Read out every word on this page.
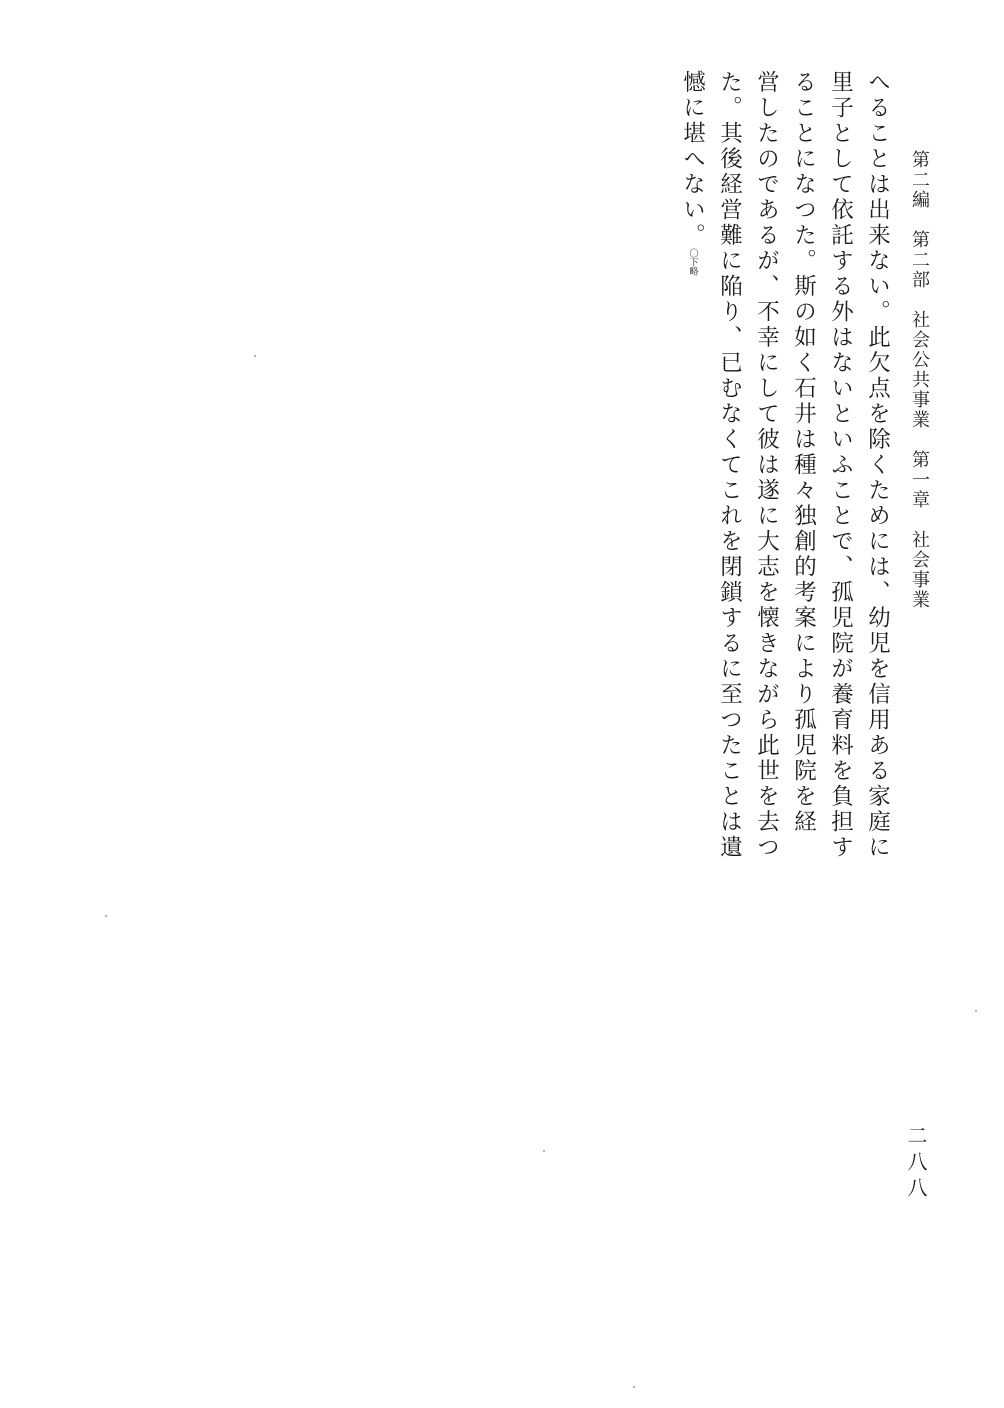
第二編　第二部　社会公共事業　第一章　社会事業
へることは出来ない。此欠点を除くためには、幼児を信用ある家庭に
里子として依託する外はないといふことで、孤児院が養育料を負担す
ることになつた。斯の如く石井は種々独創的考案により孤児院を経
営したのであるが、不幸にして彼は遂に大志を懐きながら此世を去つ
た。其後経営難に陥り、已むなくてこれを閉鎖するに至つたことは遺
憾に堪へない。〇下略
二八八
